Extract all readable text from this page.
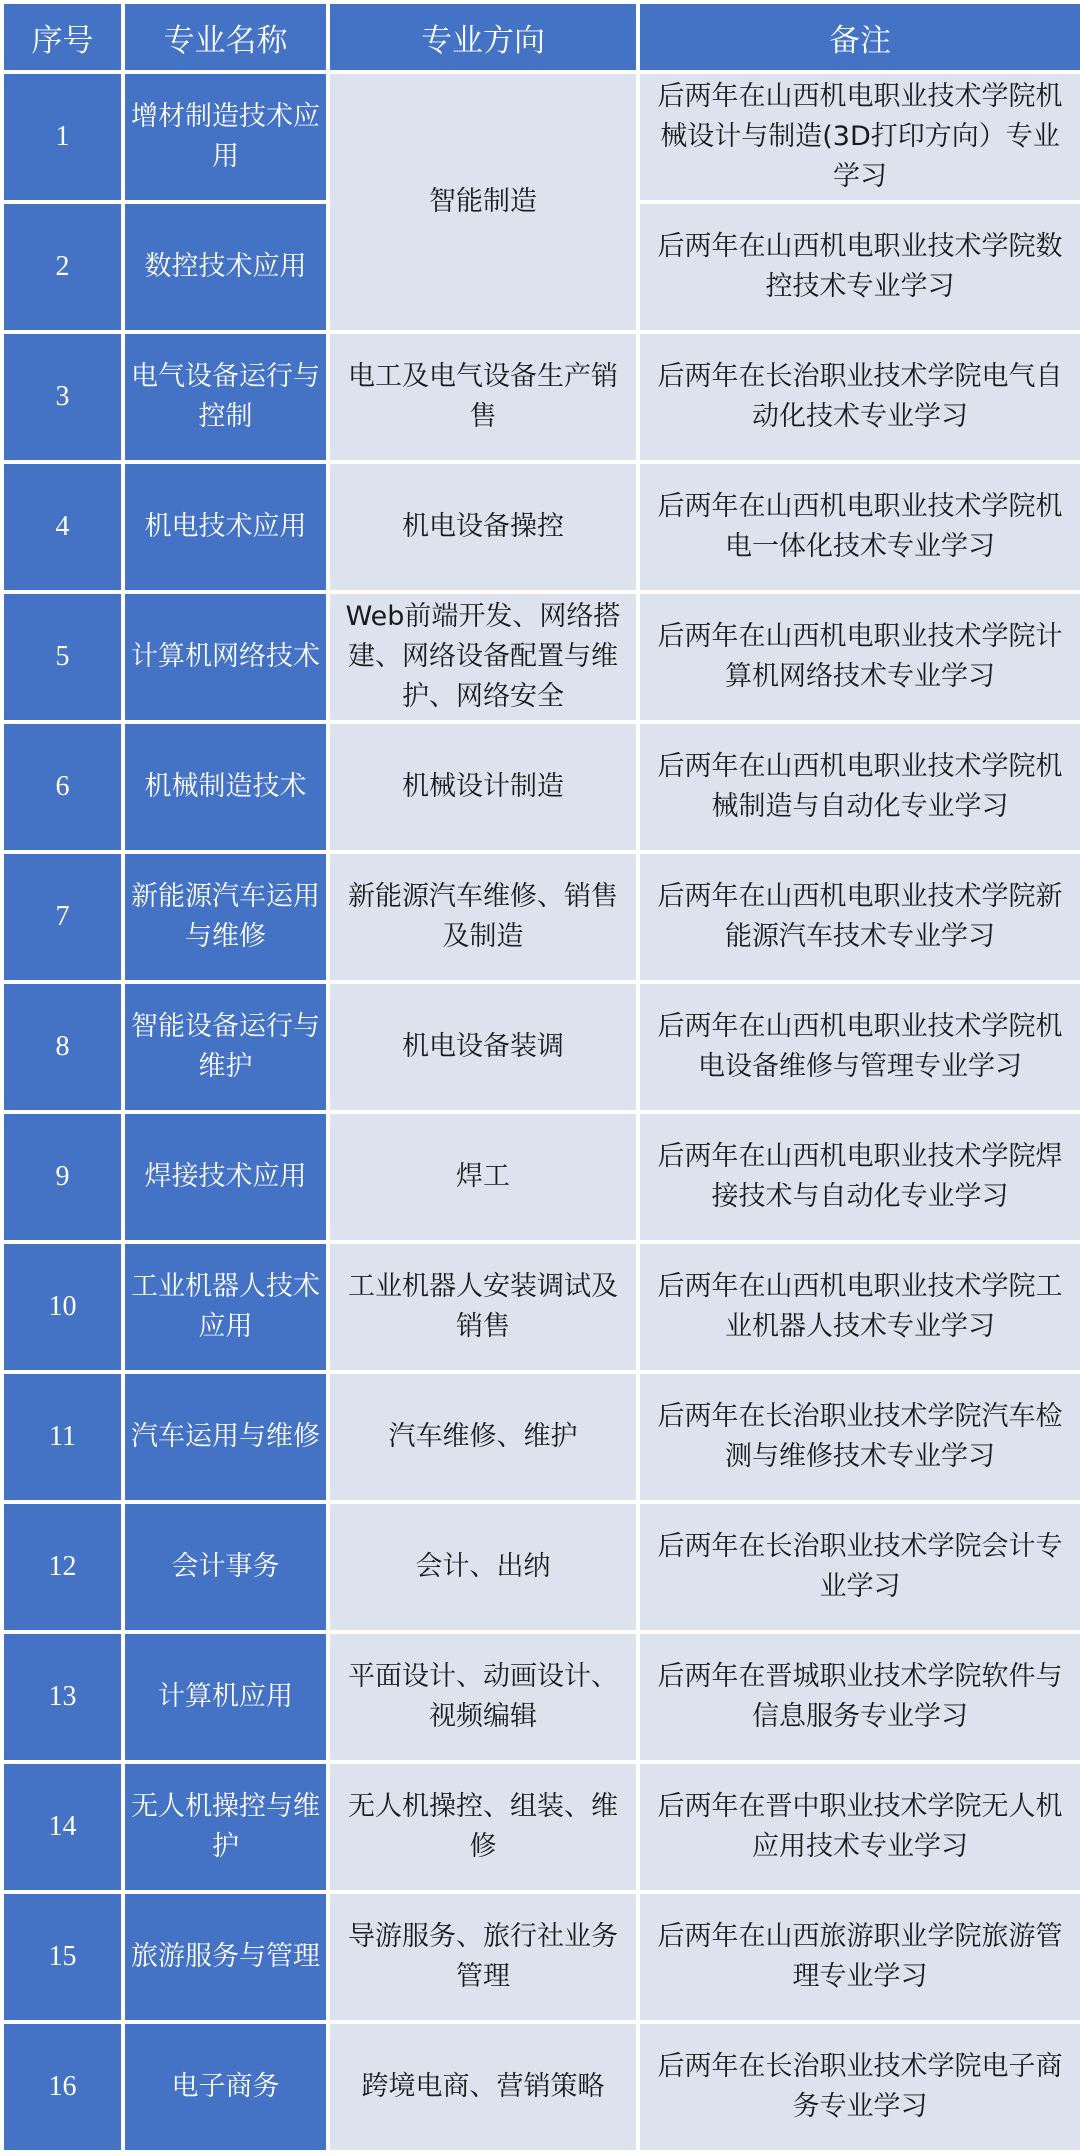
序号	专业名称	专业方向	备注
1	增材制造技术应用	智能制造	后两年在山西机电职业技术学院机械设计与制造(3D打印方向）专业学习
2	数控技术应用		后两年在山西机电职业技术学院数控技术专业学习
3	电气设备运行与控制	电工及电气设备生产销售	后两年在长治职业技术学院电气自动化技术专业学习
4	机电技术应用	机电设备操控	后两年在山西机电职业技术学院机电一体化技术专业学习
5	计算机网络技术	Web前端开发、网络搭建、网络设备配置与维护、网络安全	后两年在山西机电职业技术学院计算机网络技术专业学习
6	机械制造技术	机械设计制造	后两年在山西机电职业技术学院机械制造与自动化专业学习
7	新能源汽车运用与维修	新能源汽车维修、销售及制造	后两年在山西机电职业技术学院新能源汽车技术专业学习
8	智能设备运行与维护	机电设备装调	后两年在山西机电职业技术学院机电设备维修与管理专业学习
9	焊接技术应用	焊工	后两年在山西机电职业技术学院焊接技术与自动化专业学习
10	工业机器人技术应用	工业机器人安装调试及销售	后两年在山西机电职业技术学院工业机器人技术专业学习
11	汽车运用与维修	汽车维修、维护	后两年在长治职业技术学院汽车检测与维修技术专业学习
12	会计事务	会计、出纳	后两年在长治职业技术学院会计专业学习
13	计算机应用	平面设计、动画设计、视频编辑	后两年在晋城职业技术学院软件与信息服务专业学习
14	无人机操控与维护	无人机操控、组装、维修	后两年在晋中职业技术学院无人机应用技术专业学习
15	旅游服务与管理	导游服务、旅行社业务管理	后两年在山西旅游职业学院旅游管理专业学习
16	电子商务	跨境电商、营销策略	后两年在长治职业技术学院电子商务专业学习
